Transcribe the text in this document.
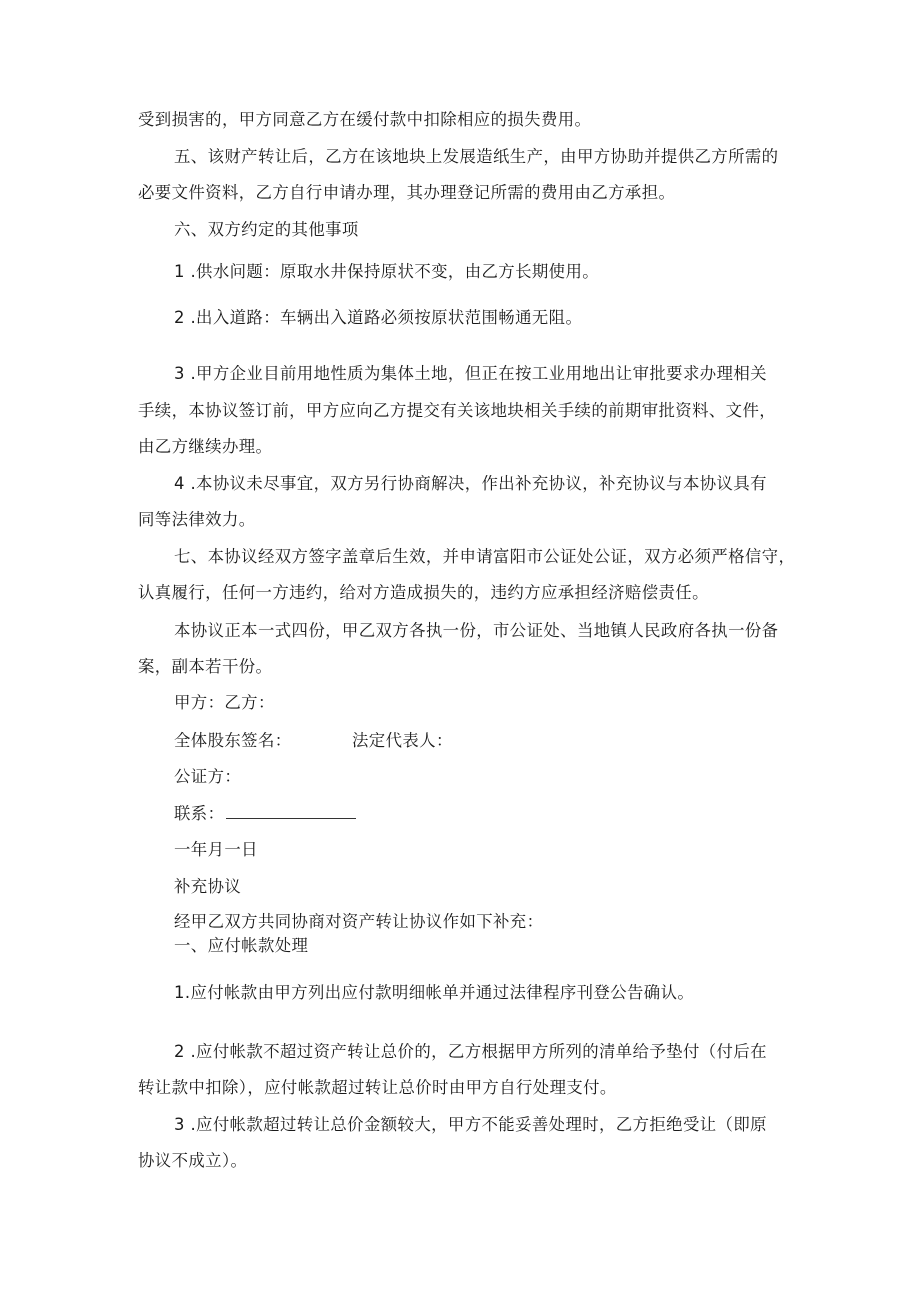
受到损害的，甲方同意乙方在缓付款中扣除相应的损失费用。
五、该财产转让后，乙方在该地块上发展造纸生产，由甲方协助并提供乙方所需的
必要文件资料，乙方自行申请办理，其办理登记所需的费用由乙方承担。
六、双方约定的其他事项
1 .供水问题：原取水井保持原状不变，由乙方长期使用。
2 .出入道路：车辆出入道路必须按原状范围畅通无阻。
3 .甲方企业目前用地性质为集体土地，但正在按工业用地出让审批要求办理相关
手续，本协议签订前，甲方应向乙方提交有关该地块相关手续的前期审批资料、文件，
由乙方继续办理。
4 .本协议未尽事宜，双方另行协商解决，作出补充协议，补充协议与本协议具有
同等法律效力。
七、本协议经双方签字盖章后生效，并申请富阳市公证处公证，双方必须严格信守，
认真履行，任何一方违约，给对方造成损失的，违约方应承担经济赔偿责任。
本协议正本一式四份，甲乙双方各执一份，市公证处、当地镇人民政府各执一份备
案，副本若干份。
甲方：乙方：
全体股东签名：	法定代表人：
公证方：
联系：
一年月一日
补充协议
经甲乙双方共同协商对资产转让协议作如下补充：
一、应付帐款处理
1.应付帐款由甲方列出应付款明细帐单并通过法律程序刊登公告确认。
2 .应付帐款不超过资产转让总价的，乙方根据甲方所列的清单给予垫付（付后在
转让款中扣除），应付帐款超过转让总价时由甲方自行处理支付。
3 .应付帐款超过转让总价金额较大，甲方不能妥善处理时，乙方拒绝受让（即原
协议不成立）。
